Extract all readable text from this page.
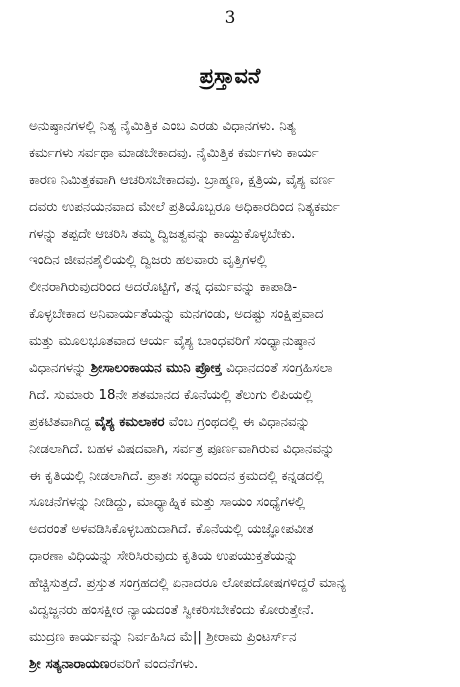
3
ಪ್ರಸ್ತಾವನೆ
ಅನುಷ್ಠಾನಗಳಲ್ಲಿ ನಿತ್ಯ ನೈಮಿತ್ತಿಕ ಎಂಬ ಎರಡು ವಿಧಾನಗಳು. ನಿತ್ಯ
ಕರ್ಮಗಳು ಸರ್ವಥಾ ಮಾಡಬೇಕಾದವು. ನೈಮಿತ್ತಿಕ ಕರ್ಮಗಳು ಕಾರ್ಯ
ಕಾರಣ ನಿಮಿತ್ತಕವಾಗಿ ಆಚರಿಸಬೇಕಾದವು. ಬ್ರಾಹ್ಮಣ, ಕ್ಷತ್ರಿಯ, ವೈಶ್ಯ ವರ್ಣ
ದವರು ಉಪನಯನವಾದ ಮೇಲೆ ಪ್ರತಿಯೊಬ್ಬರೂ ಅಧಿಕಾರದಿಂದ ನಿತ್ಯಕರ್ಮ
ಗಳನ್ನು ತಪ್ಪದೇ ಆಚರಿಸಿ ತಮ್ಮ ದ್ವಿಜತ್ವವನ್ನು ಕಾಯ್ದುಕೊಳ್ಳಬೇಕು.
ಇಂದಿನ ಜೀವನಶೈಲಿಯಲ್ಲಿ ದ್ವಿಜರು ಹಲವಾರು ವೃತ್ತಿಗಳಲ್ಲಿ
ಲೀನರಾಗಿರುವುದರಿಂದ ಅದರೊಟ್ಟಿಗೆ, ತನ್ನ ಧರ್ಮವನ್ನು ಕಾಪಾಡಿ-
ಕೊಳ್ಳಬೇಕಾದ ಅನಿವಾರ್ಯತೆಯನ್ನು ಮನಗಂಡು, ಅದಷ್ಟು ಸಂಕ್ಷಿಪ್ತವಾದ
ಮತ್ತು ಮೂಲಭೂತವಾದ ಆರ್ಯ ವೈಶ್ಯ ಬಾಂಧವರಿಗೆ ಸಂಧ್ಯಾನುಷ್ಠಾನ
ವಿಧಾನಗಳನ್ನು ಶ್ರೀಸಾಲಂಕಾಯನ ಮುನಿ ಪ್ರೋಕ್ತ ವಿಧಾನದಂತೆ ಸಂಗ್ರಹಿಸಲಾ
ಗಿದೆ. ಸುಮಾರು 18ನೇ ಶತಮಾನದ ಕೊನೆಯಲ್ಲಿ ತೆಲುಗು ಲಿಪಿಯಲ್ಲಿ
ಪ್ರಕಟಿತವಾಗಿದ್ದ ವೈಶ್ಯ ಕಮಲಾಕರ ವೆಂಬ ಗ್ರಂಥದಲ್ಲಿ ಈ ವಿಧಾನವನ್ನು
ನೀಡಲಾಗಿದೆ. ಬಹಳ ವಿಷದವಾಗಿ, ಸರ್ವತ್ರ ಪೂರ್ಣವಾಗಿರುವ ವಿಧಾನವನ್ನು
ಈ ಕೃತಿಯಲ್ಲಿ ನೀಡಲಾಗಿದೆ. ಪ್ರಾತಃ ಸಂಧ್ಯಾವಂದನ ಕ್ರಮದಲ್ಲಿ ಕನ್ನಡದಲ್ಲಿ
ಸೂಚನೆಗಳನ್ನು ನೀಡಿದ್ದು, ಮಾಧ್ಯಾಹ್ನಿಕ ಮತ್ತು ಸಾಯಂ ಸಂಧ್ಯೆಗಳಲ್ಲಿ
ಅದರಂತೆ ಅಳವಡಿಸಿಕೊಳ್ಳಬಹುದಾಗಿದೆ. ಕೊನೆಯಲ್ಲಿ ಯಜ್ಞೋಪವೀತ
ಧಾರಣಾ ವಿಧಿಯನ್ನು ಸೇರಿಸಿರುವುದು ಕೃತಿಯ ಉಪಯುಕ್ತತೆಯನ್ನು
ಹೆಚ್ಚಿಸುತ್ತದೆ. ಪ್ರಸ್ತುತ ಸಂಗ್ರಹದಲ್ಲಿ ಏನಾದರೂ ಲೋಪದೋಷಗಳಿದ್ದರೆ ಮಾನ್ಯ
ವಿದ್ವಜ್ಜನರು ಹಂಸಕ್ಷೀರ ನ್ಯಾಯದಂತೆ ಸ್ವೀಕರಿಸಬೇಕೆಂದು ಕೋರುತ್ತೇನೆ.
ಮುದ್ರಣ ಕಾರ್ಯವನ್ನು ನಿರ್ವಹಿಸಿದ ಮೆ|| ಶ್ರೀರಾಮ ಪ್ರಿಂಟರ್ಸ್‌ನ
ಶ್ರೀ ಸತ್ಯನಾರಾಯಣರವರಿಗೆ ವಂದನೆಗಳು.
